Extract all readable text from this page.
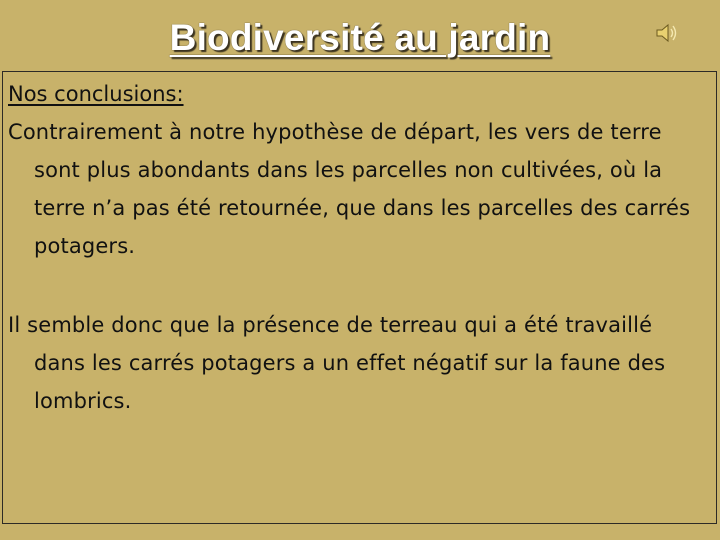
Biodiversité au jardin
Nos conclusions:
Contrairement à notre hypothèse de départ, les vers de terre sont plus abondants dans les parcelles non cultivées, où la terre n’a pas été retournée, que dans les parcelles des carrés potagers.
Il semble donc que la présence de terreau qui a été travaillé dans les carrés potagers a un effet négatif sur la faune des lombrics.
